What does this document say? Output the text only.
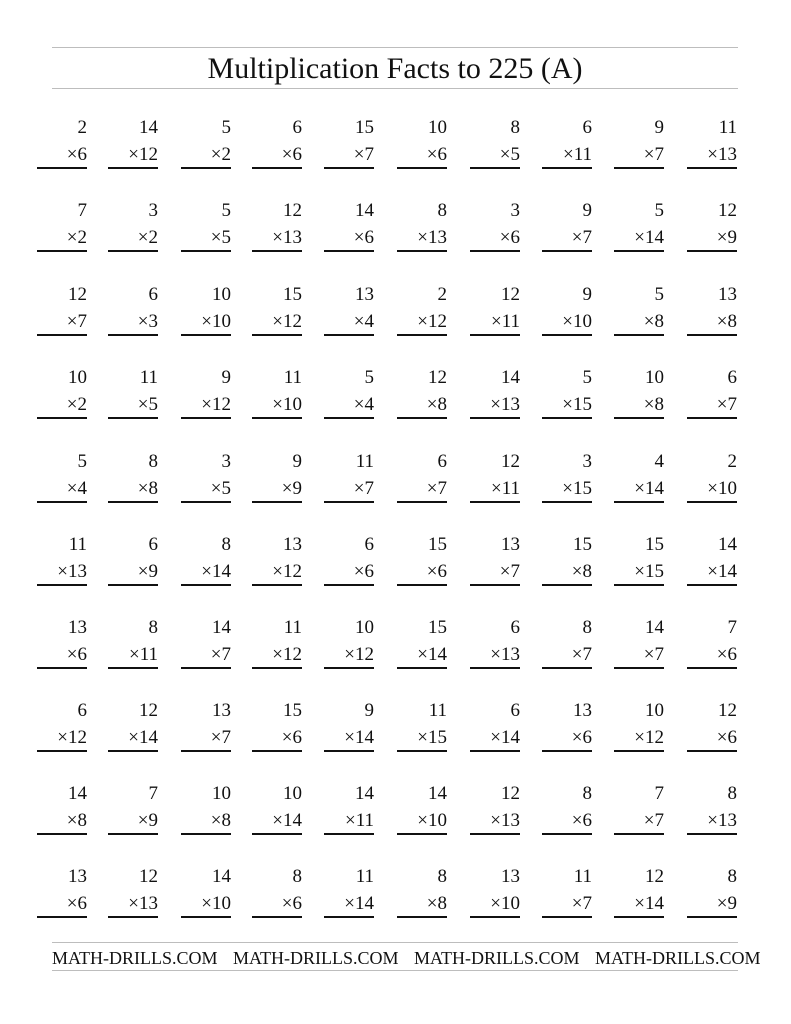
Multiplication Facts to 225 (A)
2
×6
14
×12
5
×2
6
×6
15
×7
10
×6
8
×5
6
×11
9
×7
11
×13
7
×2
3
×2
5
×5
12
×13
14
×6
8
×13
3
×6
9
×7
5
×14
12
×9
12
×7
6
×3
10
×10
15
×12
13
×4
2
×12
12
×11
9
×10
5
×8
13
×8
10
×2
11
×5
9
×12
11
×10
5
×4
12
×8
14
×13
5
×15
10
×8
6
×7
5
×4
8
×8
3
×5
9
×9
11
×7
6
×7
12
×11
3
×15
4
×14
2
×10
11
×13
6
×9
8
×14
13
×12
6
×6
15
×6
13
×7
15
×8
15
×15
14
×14
13
×6
8
×11
14
×7
11
×12
10
×12
15
×14
6
×13
8
×7
14
×7
7
×6
6
×12
12
×14
13
×7
15
×6
9
×14
11
×15
6
×14
13
×6
10
×12
12
×6
14
×8
7
×9
10
×8
10
×14
14
×11
14
×10
12
×13
8
×6
7
×7
8
×13
13
×6
12
×13
14
×10
8
×6
11
×14
8
×8
13
×10
11
×7
12
×14
8
×9
MATH-DRILLS.COM MATH-DRILLS.COM MATH-DRILLS.COM MATH-DRILLS.COM
